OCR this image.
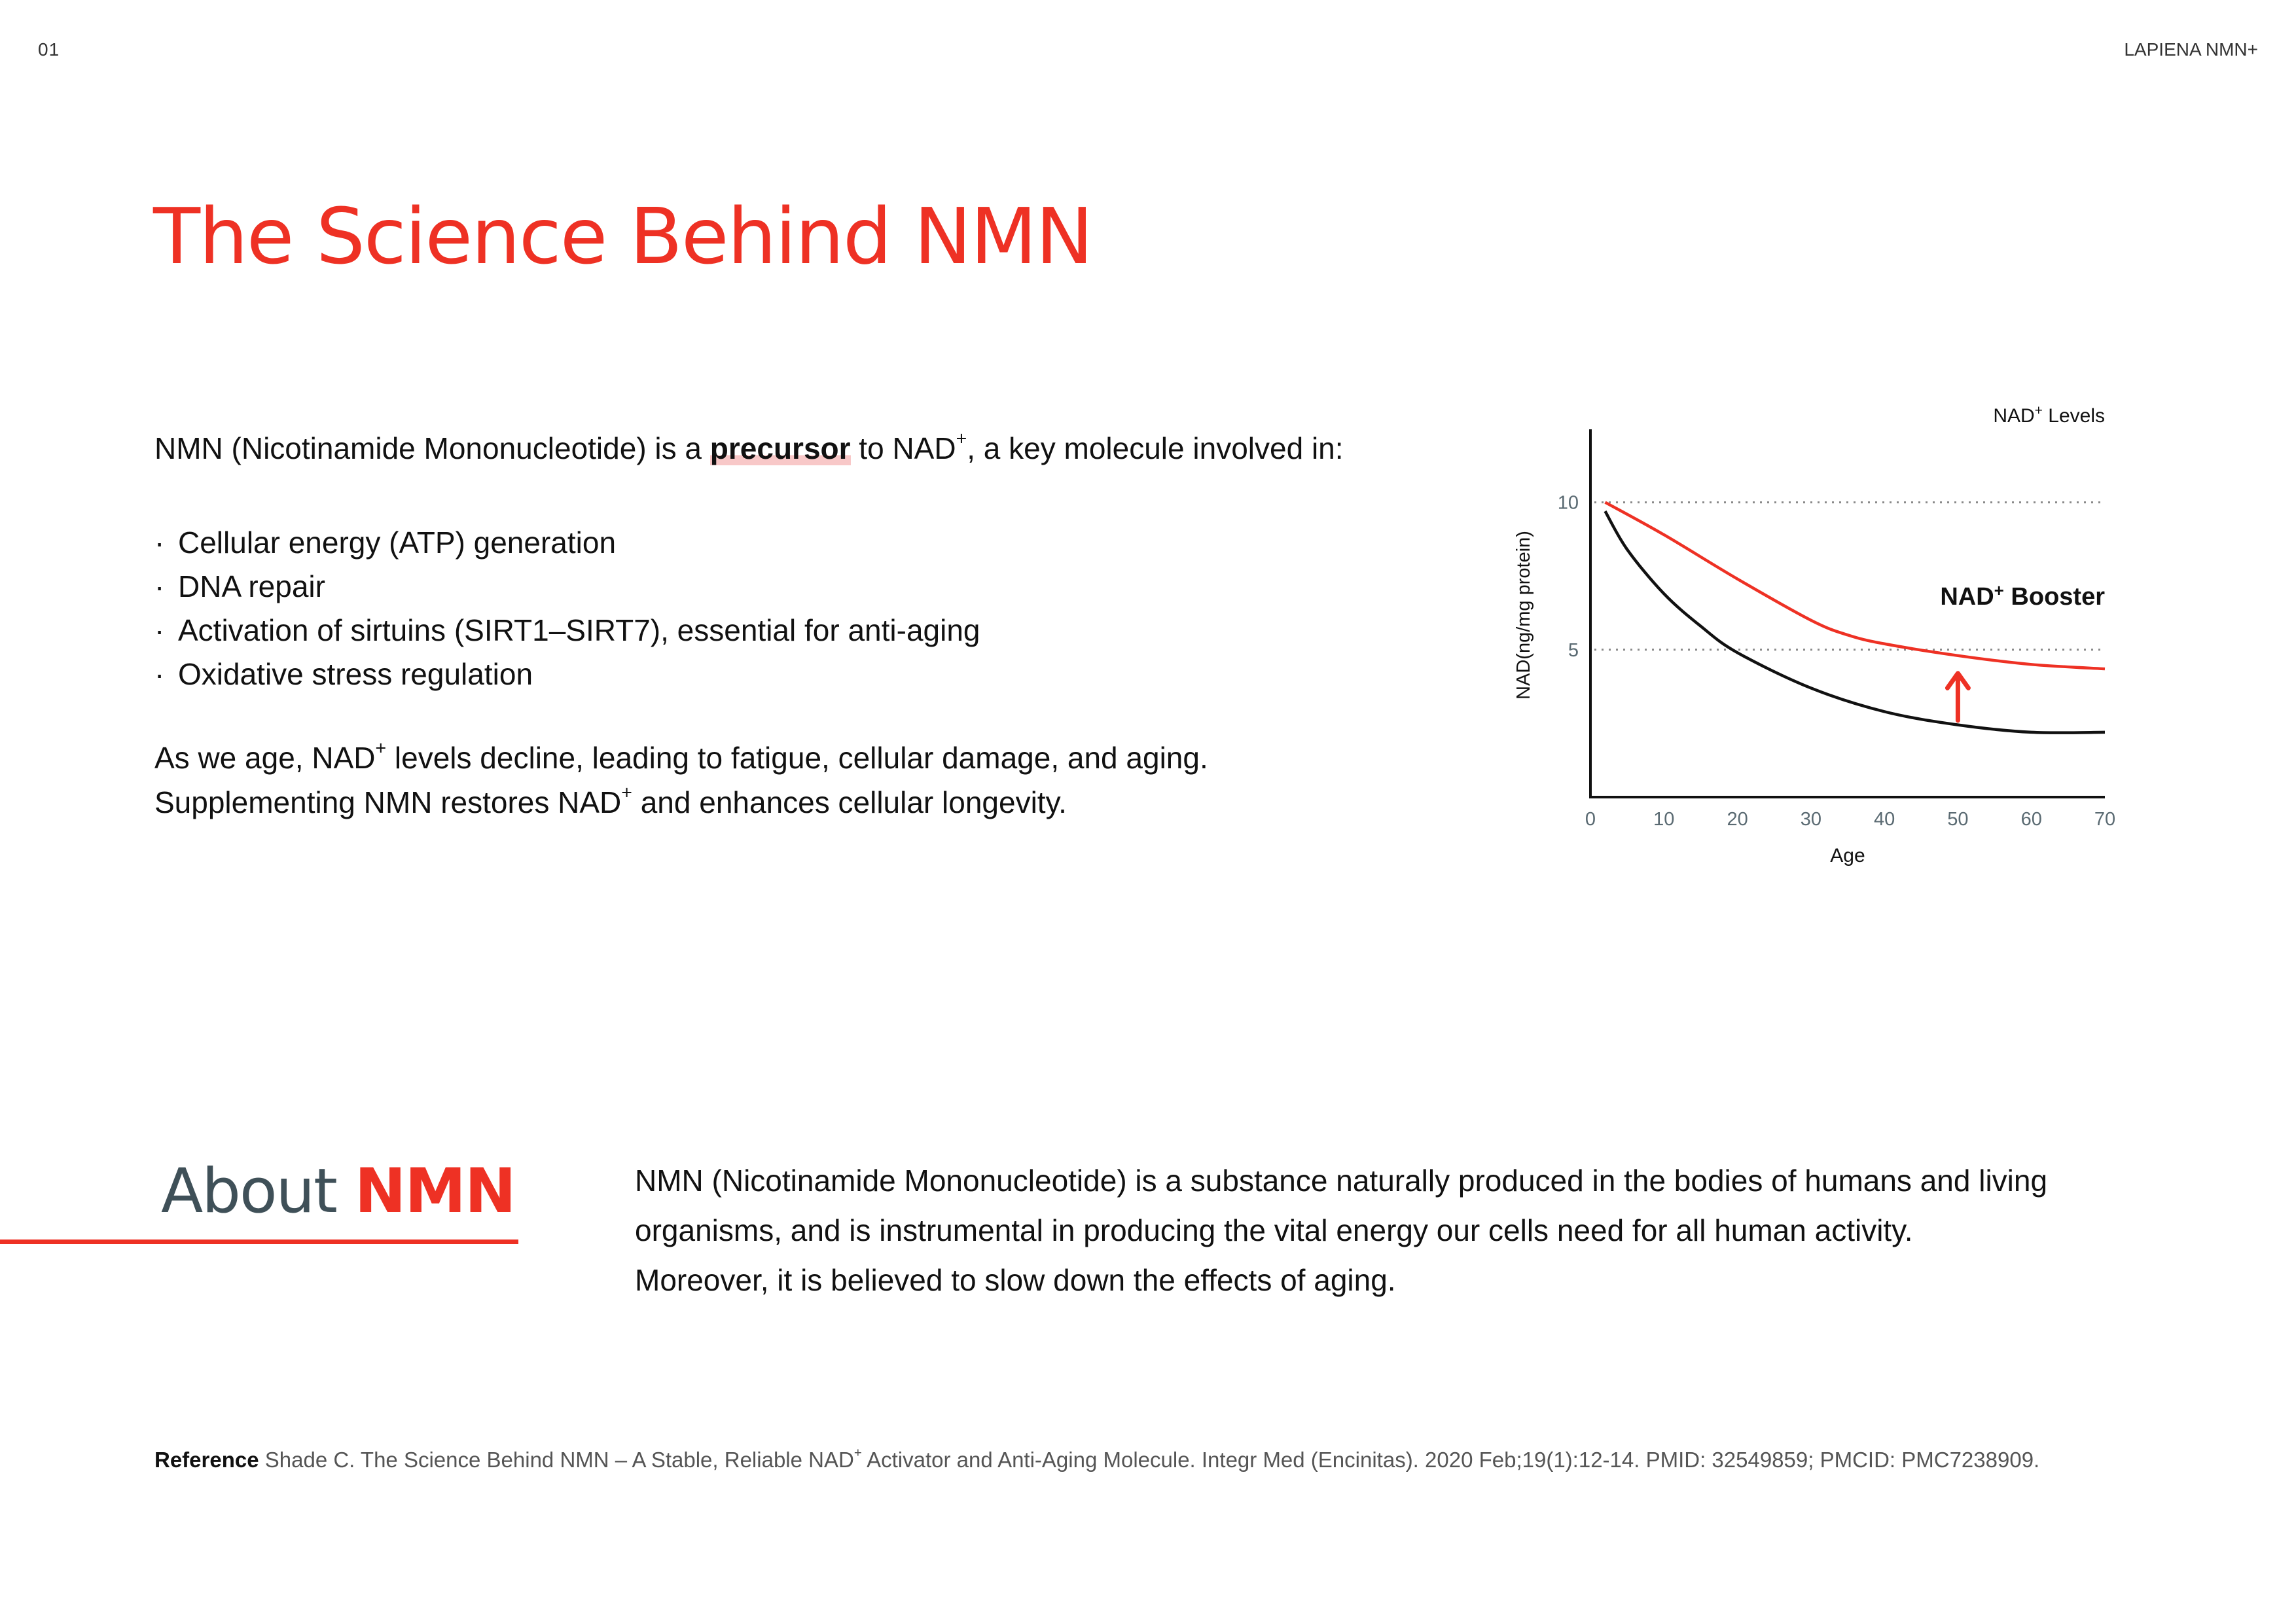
01	LAPIENA NMN+
The Science Behind NMN
NMN (Nicotinamide Mononucleotide) is a precursor to NAD+, a key molecule involved in:
· Cellular energy (ATP) generation
· DNA repair
· Activation of sirtuins (SIRT1–SIRT7), essential for anti-aging
· Oxidative stress regulation

As we age, NAD+ levels decline, leading to fatigue, cellular damage, and aging.

Supplementing NMN restores NAD+ and enhances cellular longevity.

5
10
0	10	20	30	40	50	60	70
Age
NAD(ng/mg protein)
NAD+ Levels
NAD+ Booster
About NMN	NMN (Nicotinamide Mononucleotide) is a substance naturally produced in the bodies of humans and living

organisms, and is instrumental in producing the vital energy our cells need for all human activity.

Moreover, it is believed to slow down the effects of aging.

Reference Shade C. The Science Behind NMN – A Stable, Reliable NAD+ Activator and Anti-Aging Molecule. Integr Med (Encinitas). 2020 Feb;19(1):12-14. PMID: 32549859; PMCID: PMC7238909.
